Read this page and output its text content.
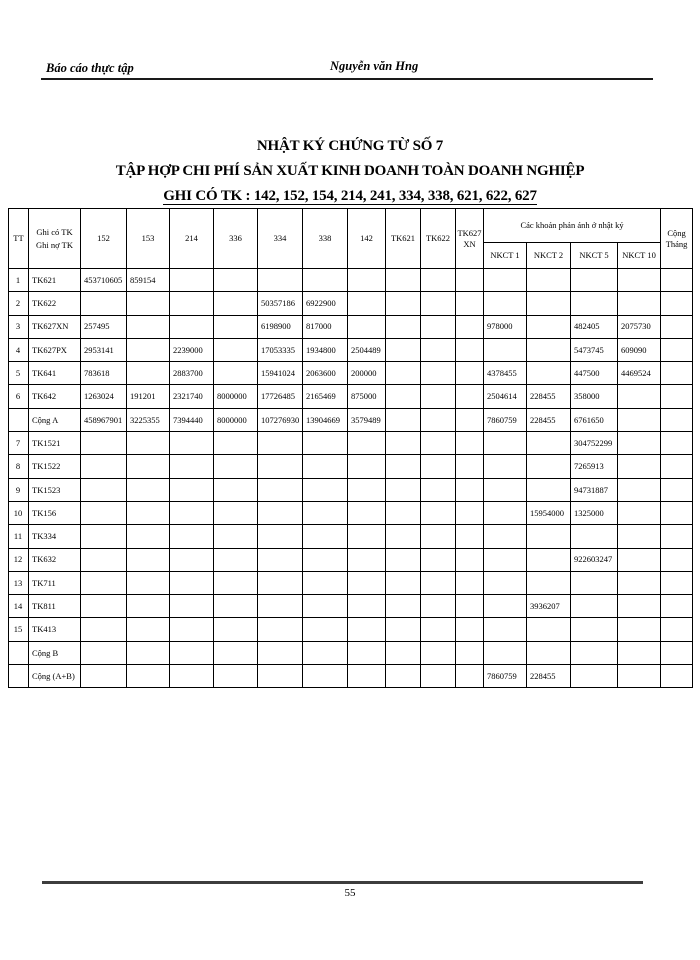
Báo cáo thực tập	Nguyễn văn Hng
NHẬT KÝ CHỨNG TỪ SỐ 7
TẬP HỢP CHI PHÍ SẢN XUẤT KINH DOANH TOÀN DOANH NGHIỆP
GHI CÓ TK : 142, 152, 154, 214, 241, 334, 338, 621, 622, 627
TT	Ghi có TK
Ghi nợ TK	152	153	214	336	334	338	142	TK621	TK622	TK627 XN	Các khoản phản ánh ở nhật ký				Cộng Tháng
												NKCT 1	NKCT 2	NKCT 5	NKCT 10	
1	TK621	453710605	859154													
2	TK622					50357186	6922900									
3	TK627XN	257495				6198900	817000					978000		482405	2075730	
4	TK627PX	2953141		2239000		17053335	1934800	2504489						5473745	609090	
5	TK641	783618		2883700		15941024	2063600	200000				4378455		447500	4469524	
6	TK642	1263024	191201	2321740	8000000	17726485	2165469	875000				2504614	228455	358000		
	Cộng A	458967901	3225355	7394440	8000000	107276930	13904669	3579489				7860759	228455	6761650		
7	TK1521													304752299		
8	TK1522													7265913		
9	TK1523													94731887		
10	TK156												15954000	1325000		
11	TK334															
12	TK632													922603247		
13	TK711															
14	TK811												3936207			
15	TK413															
	Cộng B															
	Cộng (A+B)											7860759	228455			
55
